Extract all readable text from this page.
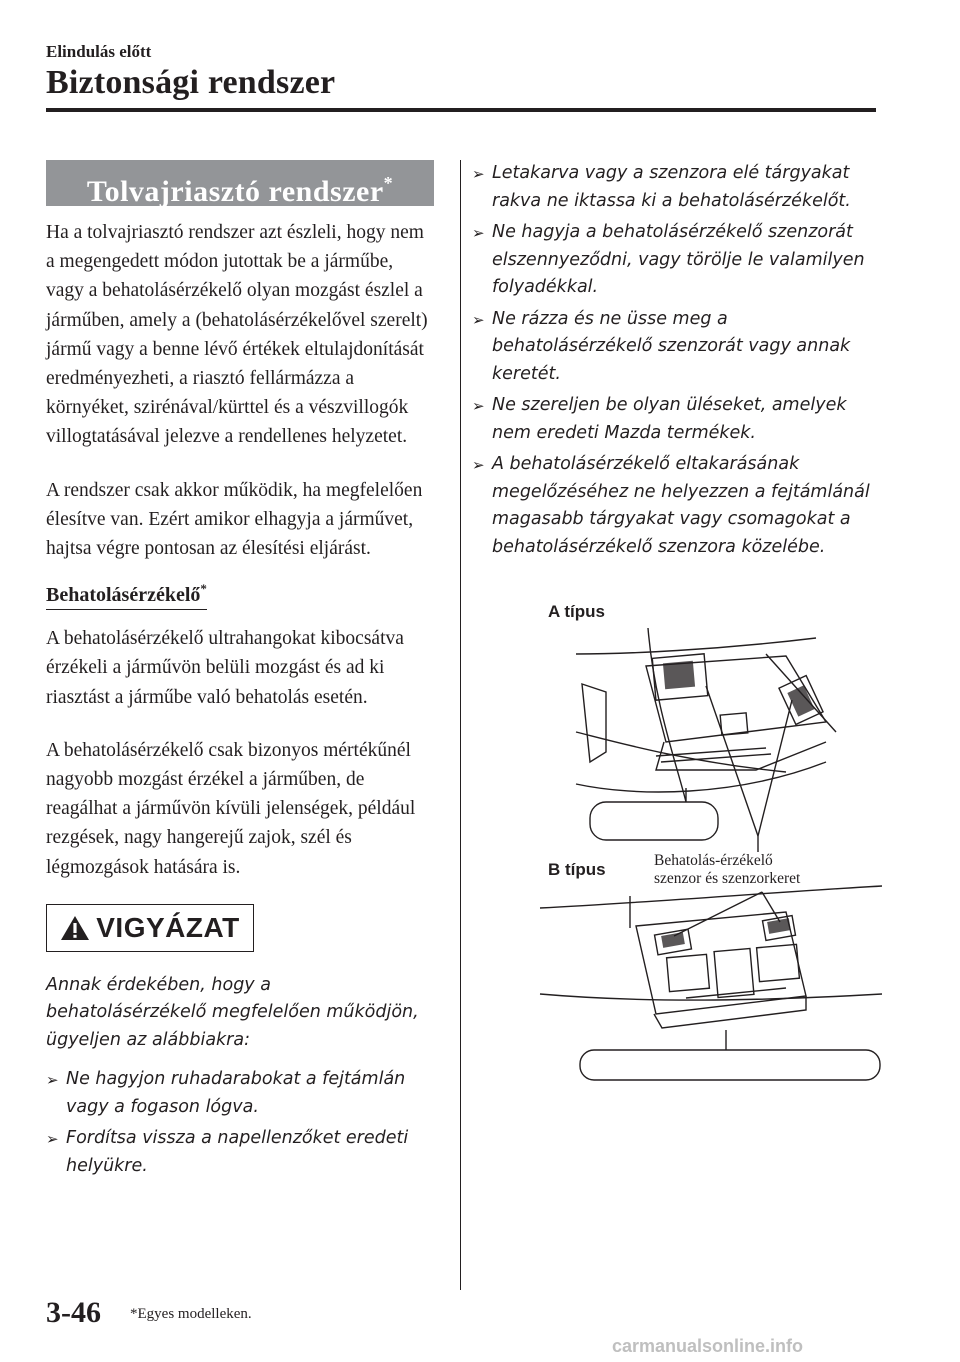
Elindulás előtt
Biztonsági rendszer
Tolvajriasztó rendszer*

Ha a tolvajriasztó rendszer azt észleli, hogy nem a megengedett módon jutottak be a járműbe, vagy a behatolásérzékelő olyan mozgást észlel a járműben, amely a (behatolásérzékelővel szerelt) jármű vagy a benne lévő értékek eltulajdonítását eredményezheti, a riasztó fellármázza a környéket, szirénával/kürttel és a vészvillogók villogtatásával jelezve a rendellenes helyzetet.

A rendszer csak akkor működik, ha megfelelően élesítve van. Ezért amikor elhagyja a járművet, hajtsa végre pontosan az élesítési eljárást.

Behatolásérzékelő*

A behatolásérzékelő ultrahangokat kibocsátva érzékeli a járművön belüli mozgást és ad ki riasztást a járműbe való behatolás esetén.

A behatolásérzékelő csak bizonyos mértékűnél nagyobb mozgást érzékel a járműben, de reagálhat a járművön kívüli jelenségek, például rezgések, nagy hangerejű zajok, szél és légmozgások hatására is.

VIGYÁZAT
Annak érdekében, hogy a behatolásérzékelő megfelelően működjön, ügyeljen az alábbiakra:
➢ Ne hagyjon ruhadarabokat a fejtámlán vagy a fogason lógva.
➢ Fordítsa vissza a napellenzőket eredeti helyükre.
➢ Letakarva vagy a szenzora elé tárgyakat rakva ne iktassa ki a behatolásérzékelőt.
➢ Ne hagyja a behatolásérzékelő szenzorát elszennyeződni, vagy törölje le valamilyen folyadékkal.
➢ Ne rázza és ne üsse meg a behatolásérzékelő szenzorát vagy annak keretét.
➢ Ne szereljen be olyan üléseket, amelyek nem eredeti Mazda termékek.
➢ A behatolásérzékelő eltakarásának megelőzéséhez ne helyezzen a fejtámlánál magasabb tárgyakat vagy csomagokat a behatolásérzékelő szenzora közelébe.
A típus
B típus	Behatolás-érzékelő
szenzor és szenzorkeret
3-46 *Egyes modelleken.
carmanualsonline.info
